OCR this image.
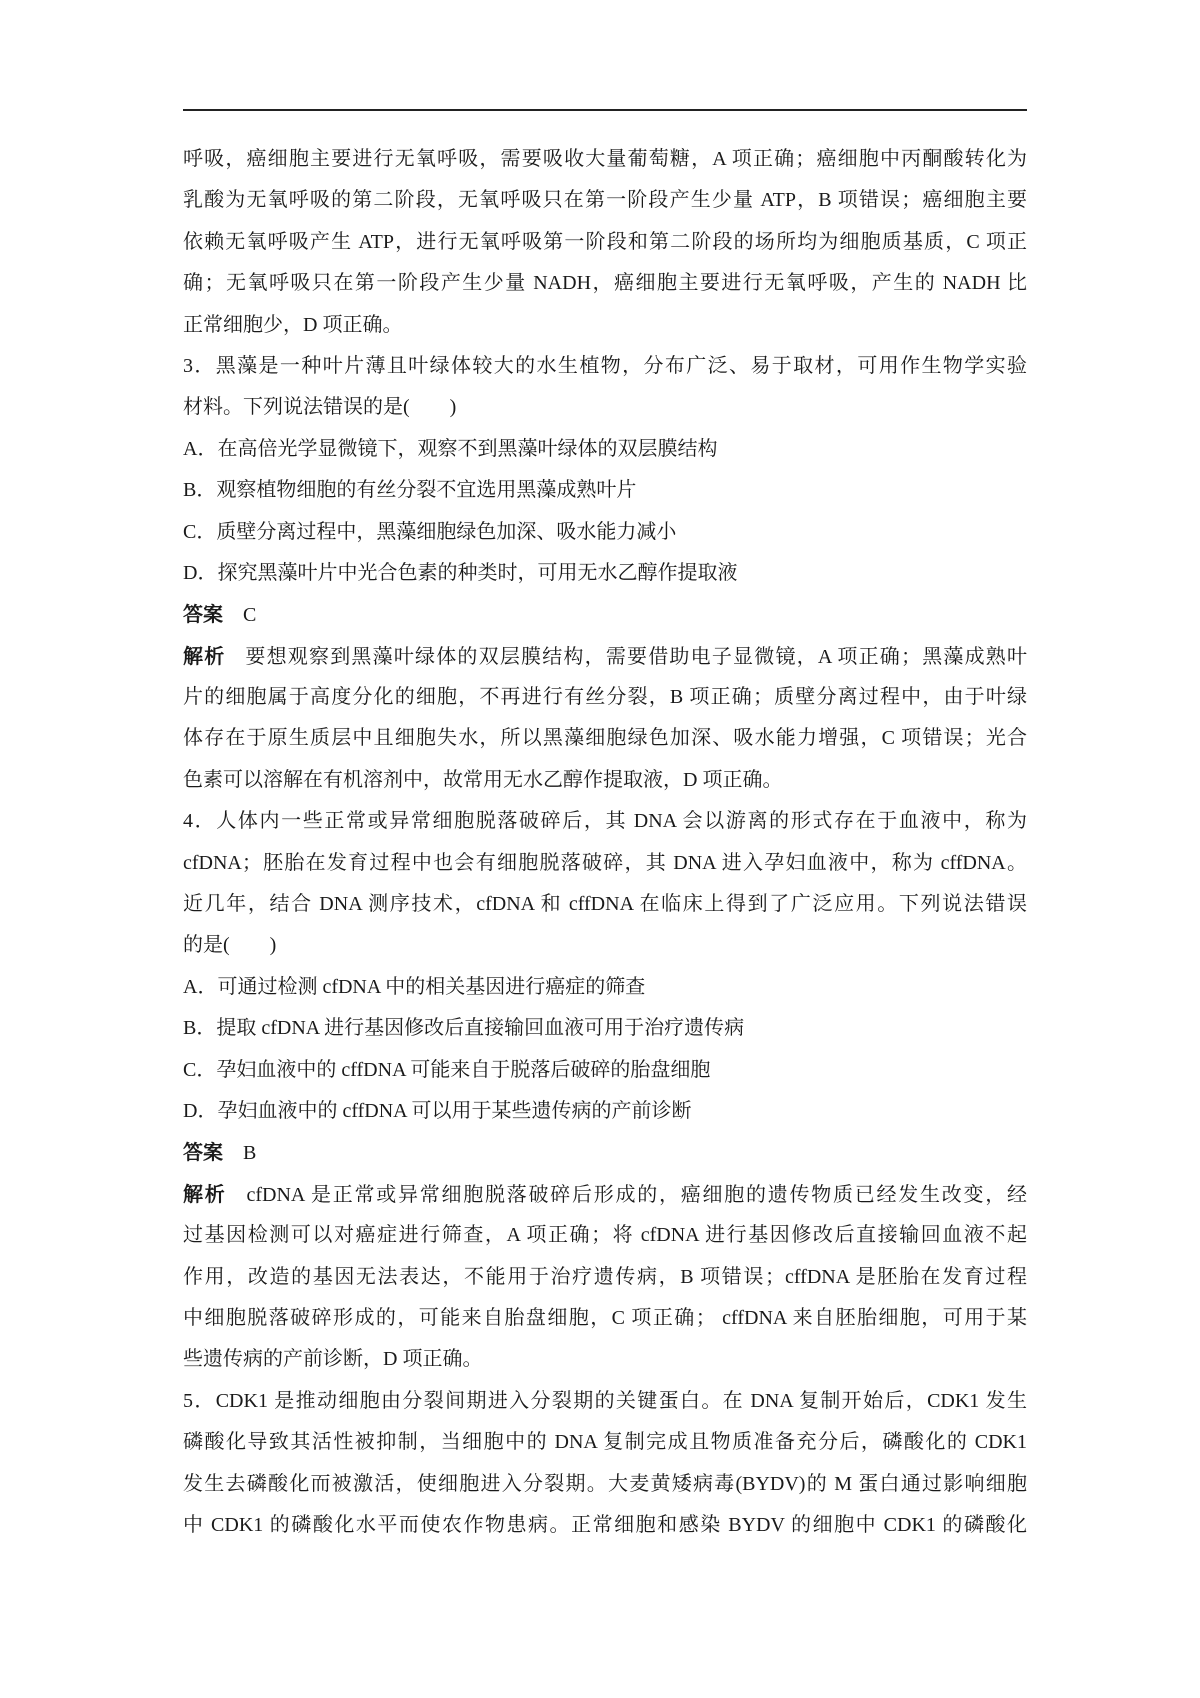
呼吸，癌细胞主要进行无氧呼吸，需要吸收大量葡萄糖，A 项正确；癌细胞中丙酮酸转化为
乳酸为无氧呼吸的第二阶段，无氧呼吸只在第一阶段产生少量 ATP，B 项错误；癌细胞主要
依赖无氧呼吸产生 ATP，进行无氧呼吸第一阶段和第二阶段的场所均为细胞质基质，C 项正
确；无氧呼吸只在第一阶段产生少量 NADH，癌细胞主要进行无氧呼吸，产生的 NADH 比
正常细胞少，D 项正确。
3．黑藻是一种叶片薄且叶绿体较大的水生植物，分布广泛、易于取材，可用作生物学实验
材料。下列说法错误的是(　　)
A．在高倍光学显微镜下，观察不到黑藻叶绿体的双层膜结构
B．观察植物细胞的有丝分裂不宜选用黑藻成熟叶片
C．质壁分离过程中，黑藻细胞绿色加深、吸水能力减小
D．探究黑藻叶片中光合色素的种类时，可用无水乙醇作提取液
答案 C
解析 要想观察到黑藻叶绿体的双层膜结构，需要借助电子显微镜，A 项正确；黑藻成熟叶
片的细胞属于高度分化的细胞，不再进行有丝分裂，B 项正确；质壁分离过程中，由于叶绿
体存在于原生质层中且细胞失水，所以黑藻细胞绿色加深、吸水能力增强，C 项错误；光合
色素可以溶解在有机溶剂中，故常用无水乙醇作提取液，D 项正确。
4．人体内一些正常或异常细胞脱落破碎后，其 DNA 会以游离的形式存在于血液中，称为
cfDNA；胚胎在发育过程中也会有细胞脱落破碎，其 DNA 进入孕妇血液中，称为 cffDNA。
近几年，结合 DNA 测序技术，cfDNA 和 cffDNA 在临床上得到了广泛应用。下列说法错误
的是(　　)
A．可通过检测 cfDNA 中的相关基因进行癌症的筛查
B．提取 cfDNA 进行基因修改后直接输回血液可用于治疗遗传病
C．孕妇血液中的 cffDNA 可能来自于脱落后破碎的胎盘细胞
D．孕妇血液中的 cffDNA 可以用于某些遗传病的产前诊断
答案 B
解析 cfDNA 是正常或异常细胞脱落破碎后形成的，癌细胞的遗传物质已经发生改变，经
过基因检测可以对癌症进行筛查，A 项正确；将 cfDNA 进行基因修改后直接输回血液不起
作用，改造的基因无法表达，不能用于治疗遗传病，B 项错误；cffDNA 是胚胎在发育过程
中细胞脱落破碎形成的，可能来自胎盘细胞，C 项正确； cffDNA 来自胚胎细胞，可用于某
些遗传病的产前诊断，D 项正确。
5．CDK1 是推动细胞由分裂间期进入分裂期的关键蛋白。在 DNA 复制开始后，CDK1 发生
磷酸化导致其活性被抑制，当细胞中的 DNA 复制完成且物质准备充分后，磷酸化的 CDK1
发生去磷酸化而被激活，使细胞进入分裂期。大麦黄矮病毒(BYDV)的 M 蛋白通过影响细胞
中 CDK1 的磷酸化水平而使农作物患病。正常细胞和感染 BYDV 的细胞中 CDK1 的磷酸化
